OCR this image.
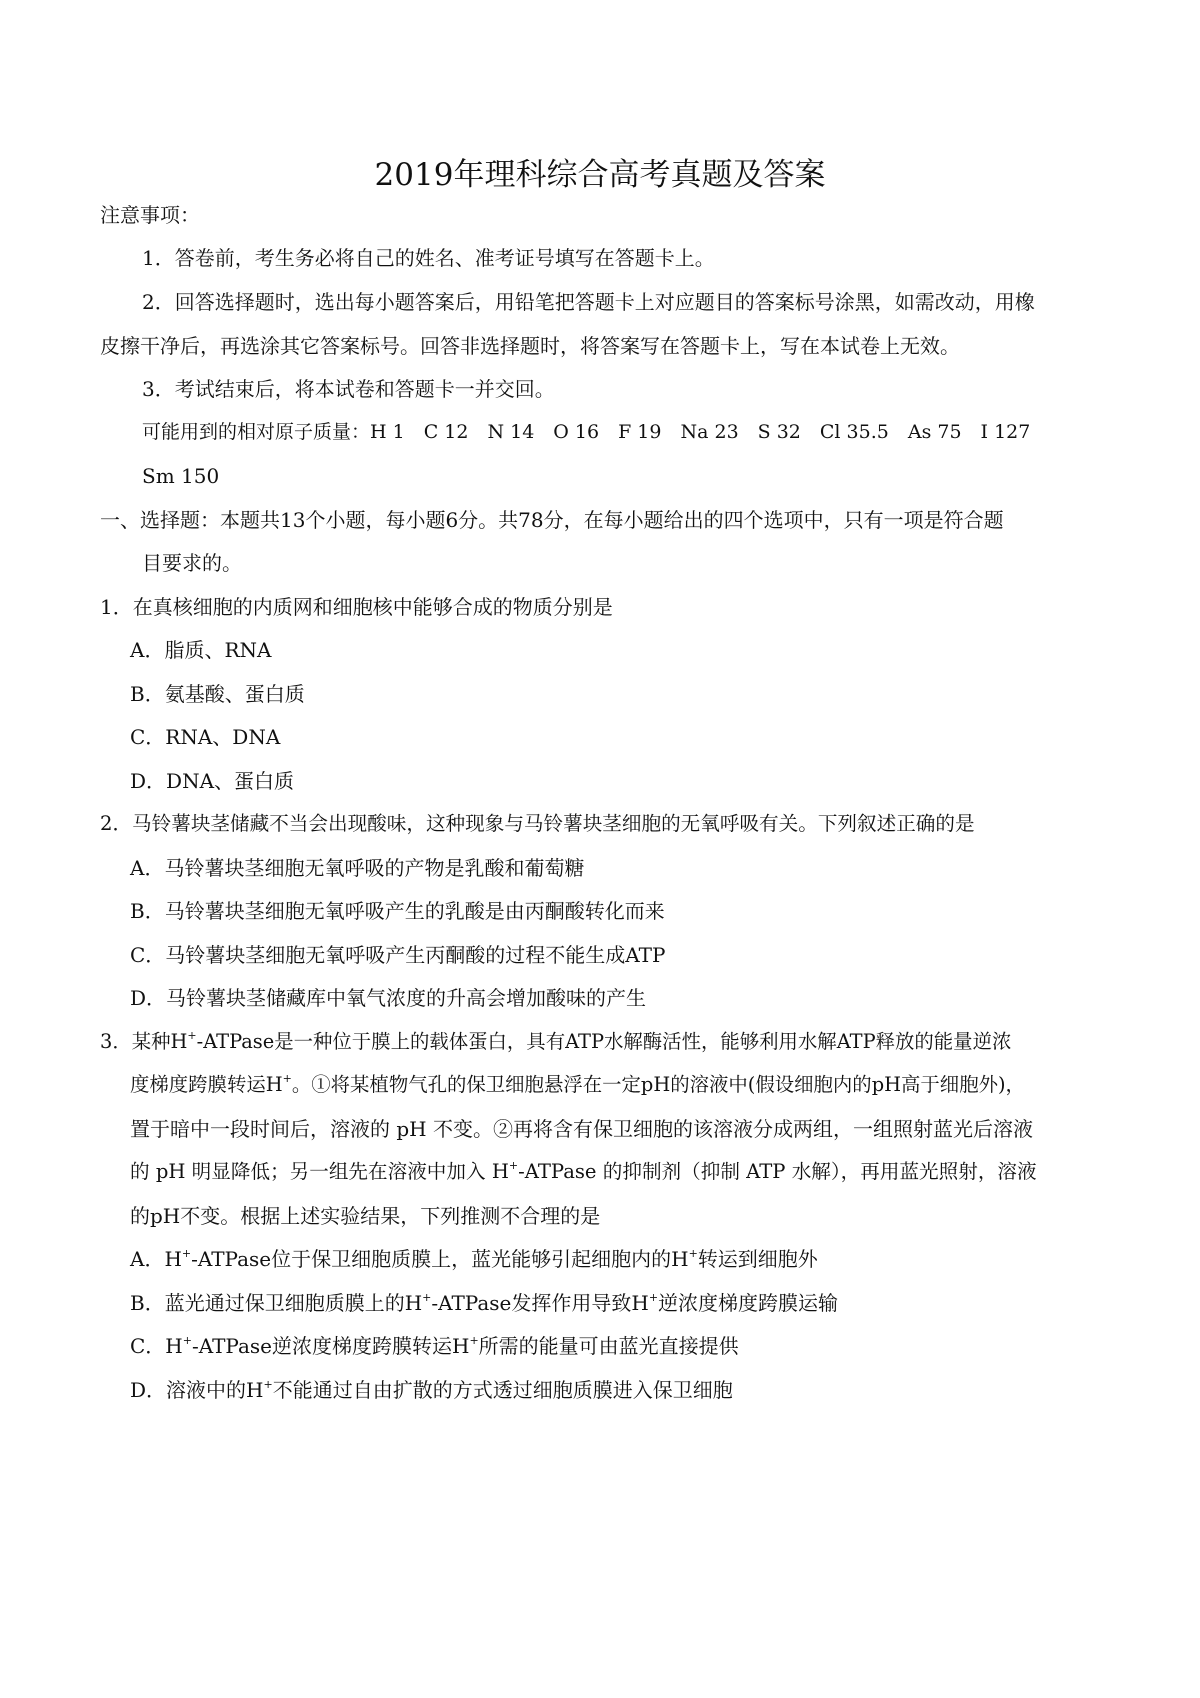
2019年理科综合高考真题及答案
注意事项：
1．答卷前，考生务必将自己的姓名、准考证号填写在答题卡上。
2．回答选择题时，选出每小题答案后，用铅笔把答题卡上对应题目的答案标号涂黑，如需改动，用橡
皮擦干净后，再选涂其它答案标号。回答非选择题时，将答案写在答题卡上，写在本试卷上无效。
3．考试结束后，将本试卷和答题卡一并交回。
可能用到的相对原子质量：H 1　C 12　N 14　O 16　F 19　Na 23　S 32　Cl 35.5　As 75　I 127
Sm 150
一、选择题：本题共13个小题，每小题6分。共78分，在每小题给出的四个选项中，只有一项是符合题
目要求的。
1．在真核细胞的内质网和细胞核中能够合成的物质分别是
A．脂质、RNA
B．氨基酸、蛋白质
C．RNA、DNA
D．DNA、蛋白质
2．马铃薯块茎储藏不当会出现酸味，这种现象与马铃薯块茎细胞的无氧呼吸有关。下列叙述正确的是
A．马铃薯块茎细胞无氧呼吸的产物是乳酸和葡萄糖
B．马铃薯块茎细胞无氧呼吸产生的乳酸是由丙酮酸转化而来
C．马铃薯块茎细胞无氧呼吸产生丙酮酸的过程不能生成ATP
D．马铃薯块茎储藏库中氧气浓度的升高会增加酸味的产生
3．某种H+-ATPase是一种位于膜上的载体蛋白，具有ATP水解酶活性，能够利用水解ATP释放的能量逆浓
度梯度跨膜转运H+。①将某植物气孔的保卫细胞悬浮在一定pH的溶液中(假设细胞内的pH高于细胞外)，
置于暗中一段时间后，溶液的 pH 不变。②再将含有保卫细胞的该溶液分成两组，一组照射蓝光后溶液
的 pH 明显降低；另一组先在溶液中加入 H+-ATPase 的抑制剂（抑制 ATP 水解），再用蓝光照射，溶液
的pH不变。根据上述实验结果，下列推测不合理的是
A．H+-ATPase位于保卫细胞质膜上，蓝光能够引起细胞内的H+转运到细胞外
B．蓝光通过保卫细胞质膜上的H+-ATPase发挥作用导致H+逆浓度梯度跨膜运输
C．H+-ATPase逆浓度梯度跨膜转运H+所需的能量可由蓝光直接提供
D．溶液中的H+不能通过自由扩散的方式透过细胞质膜进入保卫细胞
